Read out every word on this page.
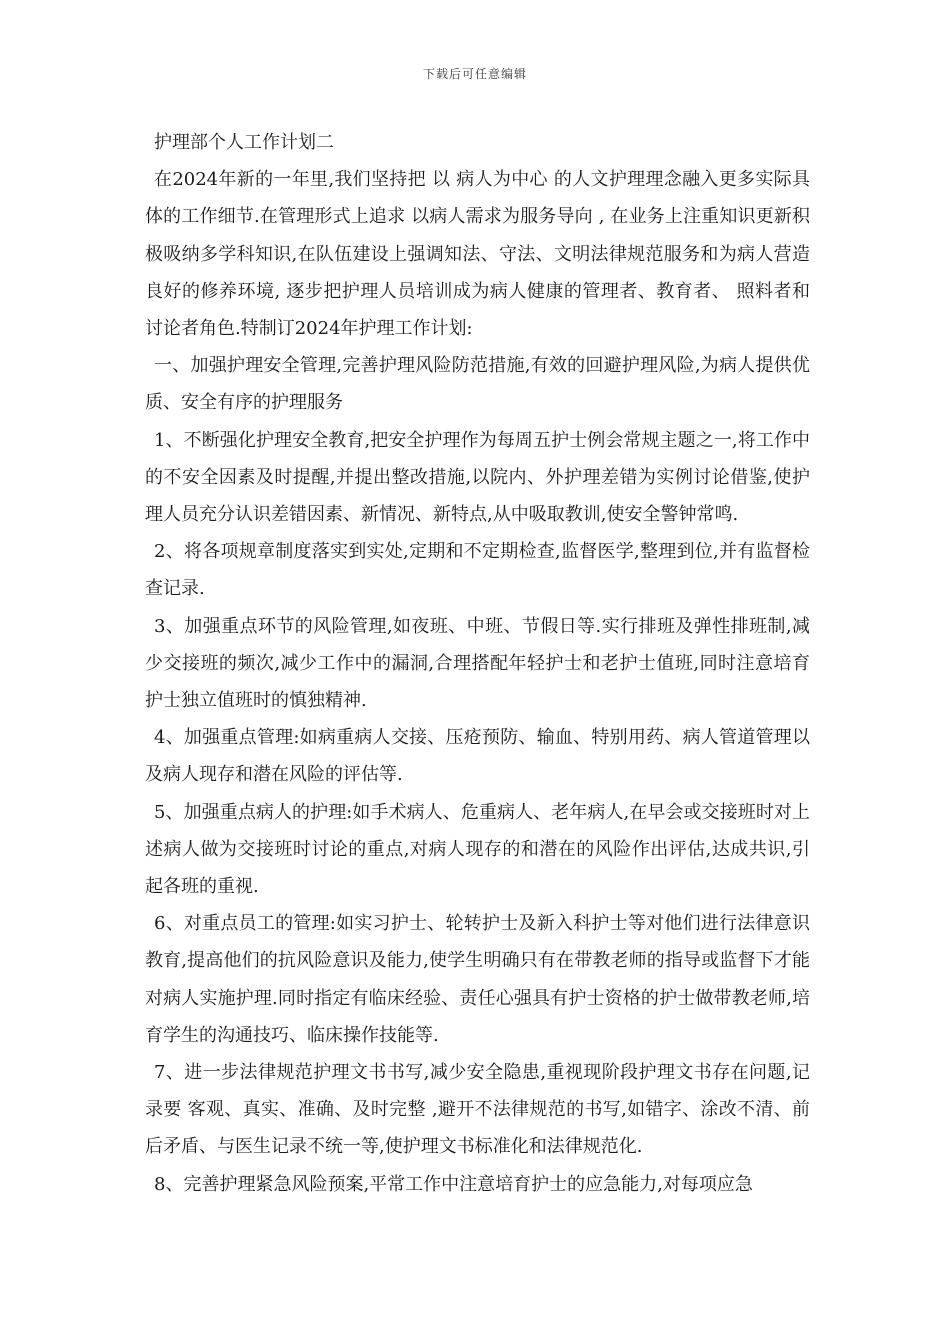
下载后可任意编辑

护理部个人工作计划二

在2024年新的一年里,我们坚持把 以 病人为中心 的人文护理理念融入更多实际具体的工作细节.在管理形式上追求 以病人需求为服务导向 , 在业务上注重知识更新积极吸纳多学科知识,在队伍建设上强调知法、守法、文明法律规范服务和为病人营造良好的修养环境, 逐步把护理人员培训成为病人健康的管理者、教育者、 照料者和讨论者角色.特制订2024年护理工作计划:

一、加强护理安全管理,完善护理风险防范措施,有效的回避护理风险,为病人提供优质、安全有序的护理服务

1、不断强化护理安全教育,把安全护理作为每周五护士例会常规主题之一,将工作中的不安全因素及时提醒,并提出整改措施,以院内、外护理差错为实例讨论借鉴,使护理人员充分认识差错因素、新情况、新特点,从中吸取教训,使安全警钟常鸣.

2、将各项规章制度落实到实处,定期和不定期检查,监督医学,整理到位,并有监督检查记录.

3、加强重点环节的风险管理,如夜班、中班、节假日等.实行排班及弹性排班制,减少交接班的频次,减少工作中的漏洞,合理搭配年轻护士和老护士值班,同时注意培育护士独立值班时的慎独精神.

4、加强重点管理:如病重病人交接、压疮预防、输血、特别用药、病人管道管理以及病人现存和潜在风险的评估等.

5、加强重点病人的护理:如手术病人、危重病人、老年病人,在早会或交接班时对上述病人做为交接班时讨论的重点,对病人现存的和潜在的风险作出评估,达成共识,引起各班的重视.

6、对重点员工的管理:如实习护士、轮转护士及新入科护士等对他们进行法律意识教育,提高他们的抗风险意识及能力,使学生明确只有在带教老师的指导或监督下才能对病人实施护理.同时指定有临床经验、责任心强具有护士资格的护士做带教老师,培育学生的沟通技巧、临床操作技能等.

7、进一步法律规范护理文书书写,减少安全隐患,重视现阶段护理文书存在问题,记录要 客观、真实、准确、及时完整 ,避开不法律规范的书写,如错字、涂改不清、前后矛盾、与医生记录不统一等,使护理文书标准化和法律规范化.

8、完善护理紧急风险预案,平常工作中注意培育护士的应急能力,对每项应急
